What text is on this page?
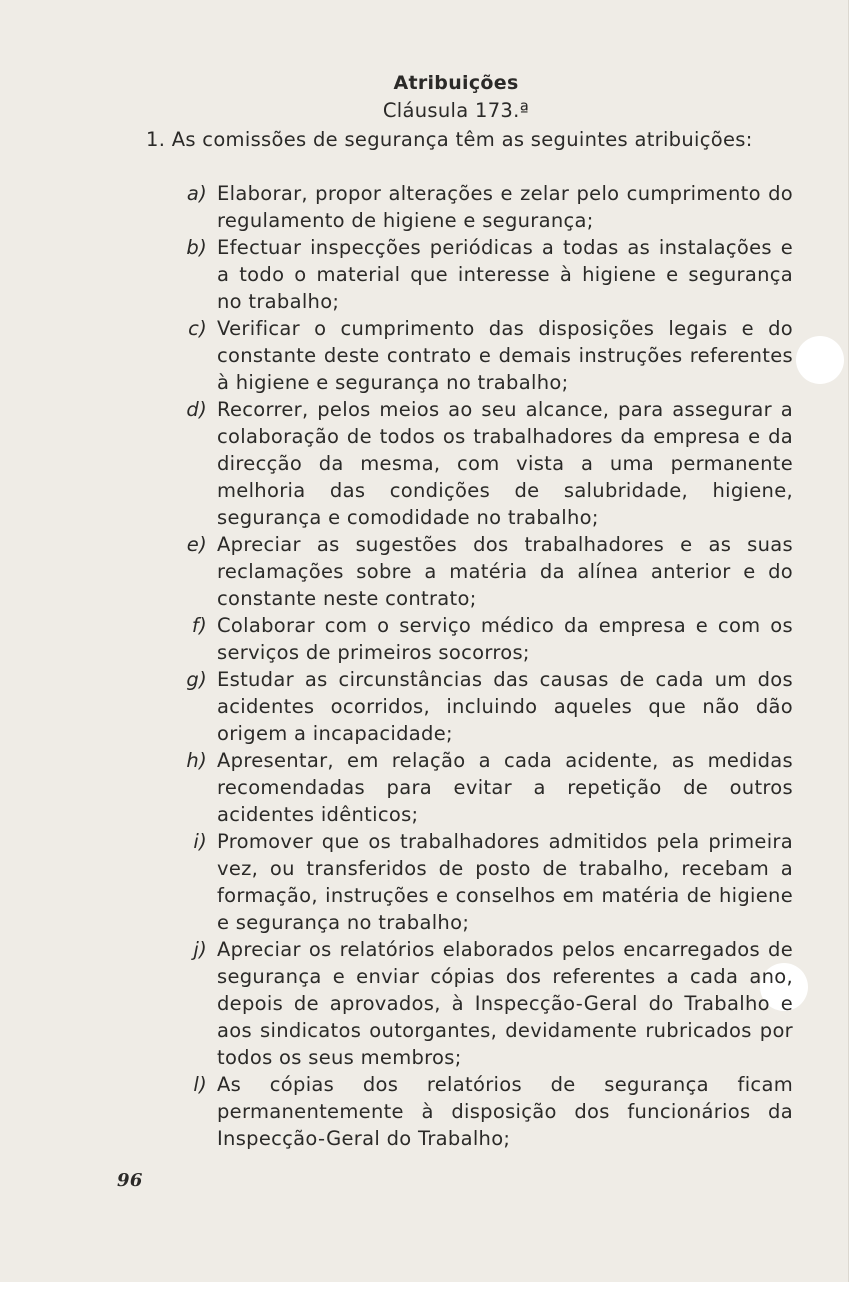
Atribuições
Cláusula 173.ª
1. As comissões de segurança têm as seguintes atribuições:
a) Elaborar, propor alterações e zelar pelo cumprimento do regulamento de higiene e segurança;
b) Efectuar inspecções periódicas a todas as instalações e a todo o material que interesse à higiene e segurança no trabalho;
c) Verificar o cumprimento das disposições legais e do constante deste contrato e demais instruções referentes à higiene e segurança no trabalho;
d) Recorrer, pelos meios ao seu alcance, para assegurar a colaboração de todos os trabalhadores da empresa e da direcção da mesma, com vista a uma permanente melhoria das condições de salubridade, higiene, segurança e comodidade no trabalho;
e) Apreciar as sugestões dos trabalhadores e as suas reclamações sobre a matéria da alínea anterior e do constante neste contrato;
f) Colaborar com o serviço médico da empresa e com os serviços de primeiros socorros;
g) Estudar as circunstâncias das causas de cada um dos acidentes ocorridos, incluindo aqueles que não dão origem a incapacidade;
h) Apresentar, em relação a cada acidente, as medidas recomendadas para evitar a repetição de outros acidentes idênticos;
i) Promover que os trabalhadores admitidos pela primeira vez, ou transferidos de posto de trabalho, recebam a formação, instruções e conselhos em matéria de higiene e segurança no trabalho;
j) Apreciar os relatórios elaborados pelos encarregados de segurança e enviar cópias dos referentes a cada ano, depois de aprovados, à Inspecção-Geral do Trabalho e aos sindicatos outorgantes, devidamente rubricados por todos os seus membros;
l) As cópias dos relatórios de segurança ficam permanentemente à disposição dos funcionários da Inspecção-Geral do Trabalho;
96
